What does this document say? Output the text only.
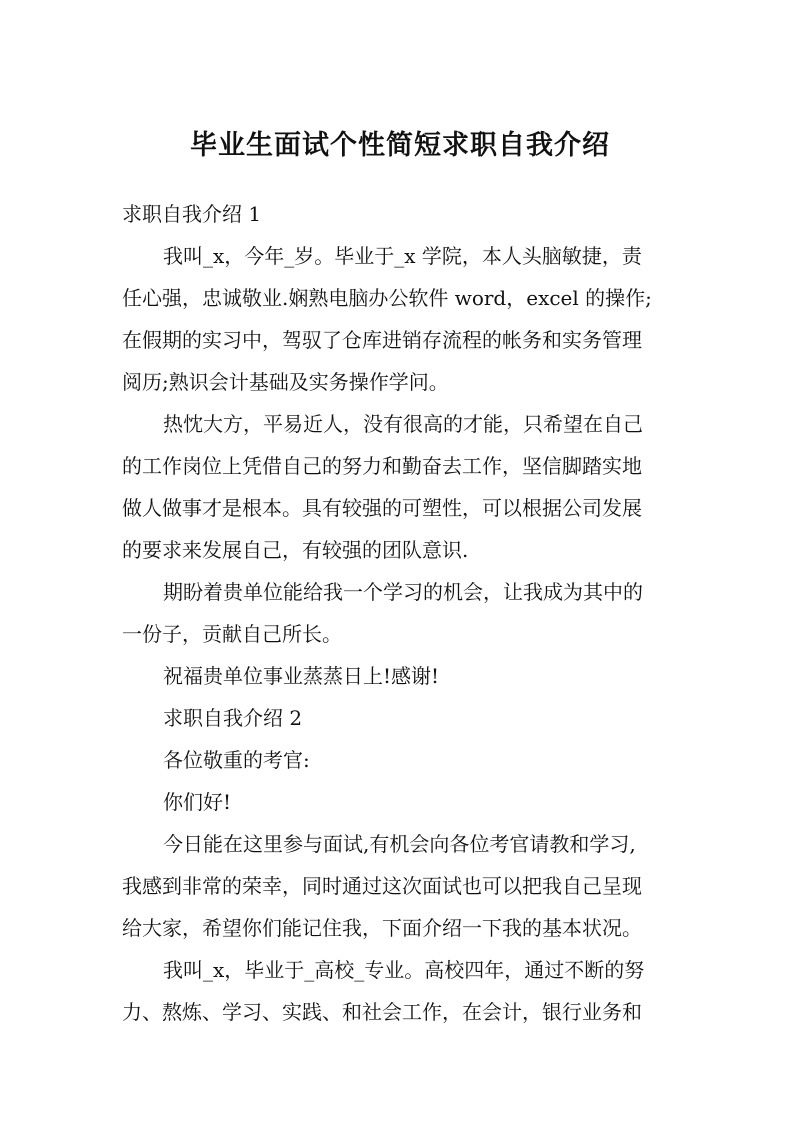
毕业生面试个性简短求职自我介绍
求职自我介绍 1
我叫_x，今年_岁。毕业于_x 学院，本人头脑敏捷，责
任心强，忠诚敬业.娴熟电脑办公软件 word，excel 的操作;
在假期的实习中，驾驭了仓库进销存流程的帐务和实务管理
阅历;熟识会计基础及实务操作学问。
热忱大方，平易近人，没有很高的才能，只希望在自己
的工作岗位上凭借自己的努力和勤奋去工作，坚信脚踏实地
做人做事才是根本。具有较强的可塑性，可以根据公司发展
的要求来发展自己，有较强的团队意识.
期盼着贵单位能给我一个学习的机会，让我成为其中的
一份子，贡献自己所长。
祝福贵单位事业蒸蒸日上!感谢!
求职自我介绍 2
各位敬重的考官:
你们好!
今日能在这里参与面试,有机会向各位考官请教和学习,
我感到非常的荣幸，同时通过这次面试也可以把我自己呈现
给大家，希望你们能记住我，下面介绍一下我的基本状况。
我叫_x，毕业于_高校_专业。高校四年，通过不断的努
力、熬炼、学习、实践、和社会工作，在会计，银行业务和
